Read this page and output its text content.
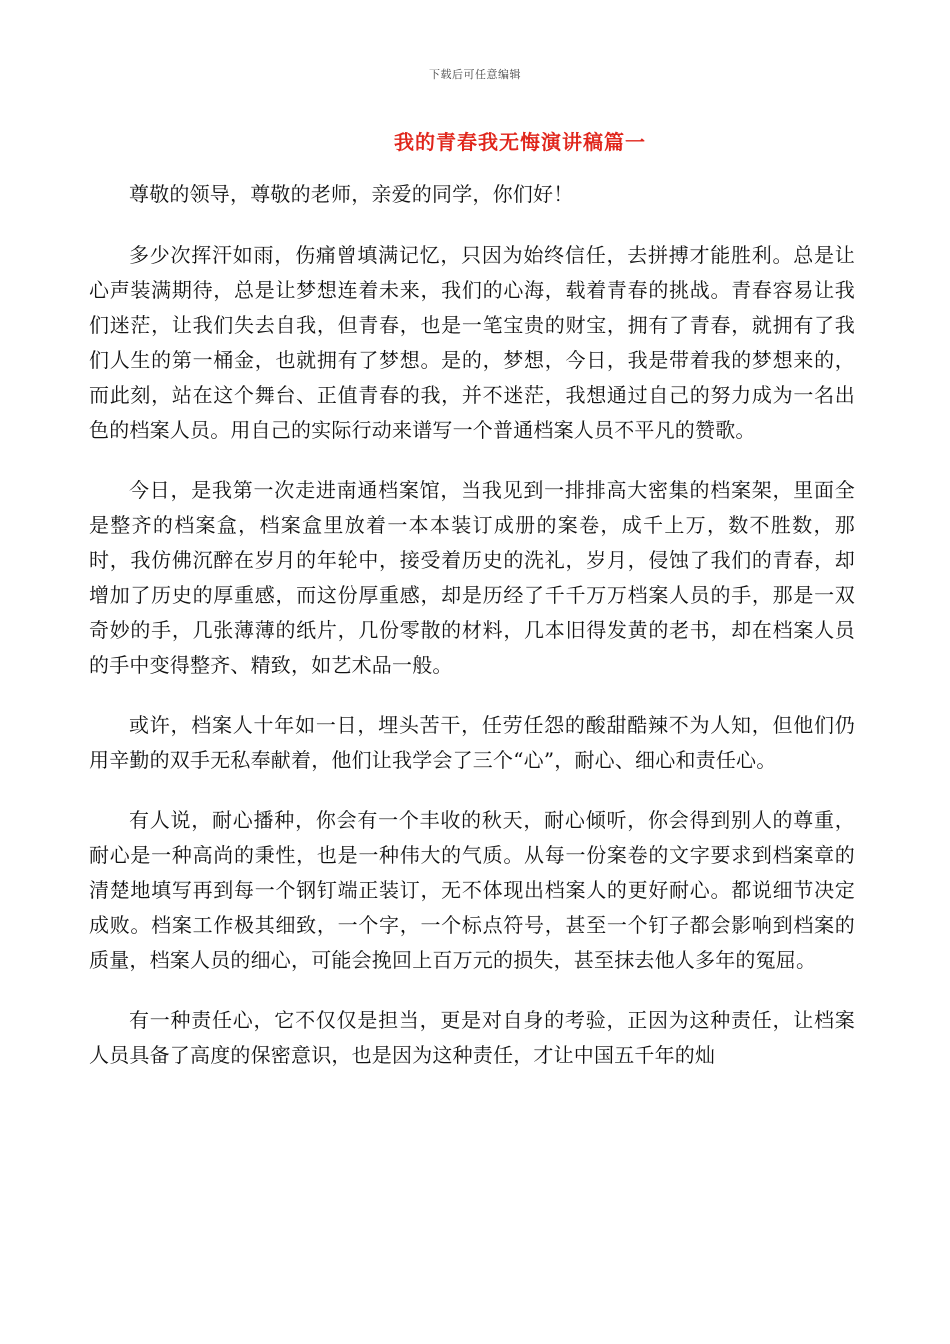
下载后可任意编辑
我的青春我无悔演讲稿篇一

尊敬的领导，尊敬的老师，亲爱的同学，你们好！

多少次挥汗如雨，伤痛曾填满记忆，只因为始终信任，去拼搏才能胜利。总是让心声装满期待，总是让梦想连着未来，我们的心海，载着青春的挑战。青春容易让我们迷茫，让我们失去自我，但青春，也是一笔宝贵的财宝，拥有了青春，就拥有了我们人生的第一桶金，也就拥有了梦想。是的，梦想，今日，我是带着我的梦想来的，而此刻，站在这个舞台、正值青春的我，并不迷茫，我想通过自己的努力成为一名出色的档案人员。用自己的实际行动来谱写一个普通档案人员不平凡的赞歌。

今日，是我第一次走进南通档案馆，当我见到一排排高大密集的档案架，里面全是整齐的档案盒，档案盒里放着一本本装订成册的案卷，成千上万，数不胜数，那时，我仿佛沉醉在岁月的年轮中，接受着历史的洗礼，岁月，侵蚀了我们的青春，却增加了历史的厚重感，而这份厚重感，却是历经了千千万万档案人员的手，那是一双奇妙的手，几张薄薄的纸片，几份零散的材料，几本旧得发黄的老书，却在档案人员的手中变得整齐、精致，如艺术品一般。

或许，档案人十年如一日，埋头苦干，任劳任怨的酸甜酷辣不为人知，但他们仍用辛勤的双手无私奉献着，他们让我学会了三个“心”，耐心、细心和责任心。

有人说，耐心播种，你会有一个丰收的秋天，耐心倾听，你会得到别人的尊重，耐心是一种高尚的秉性，也是一种伟大的气质。从每一份案卷的文字要求到档案章的清楚地填写再到每一个钢钉端正装订，无不体现出档案人的更好耐心。都说细节决定成败。档案工作极其细致，一个字，一个标点符号，甚至一个钉子都会影响到档案的质量，档案人员的细心，可能会挽回上百万元的损失，甚至抹去他人多年的冤屈。

有一种责任心，它不仅仅是担当，更是对自身的考验，正因为这种责任，让档案人员具备了高度的保密意识，也是因为这种责任，才让中国五千年的灿
